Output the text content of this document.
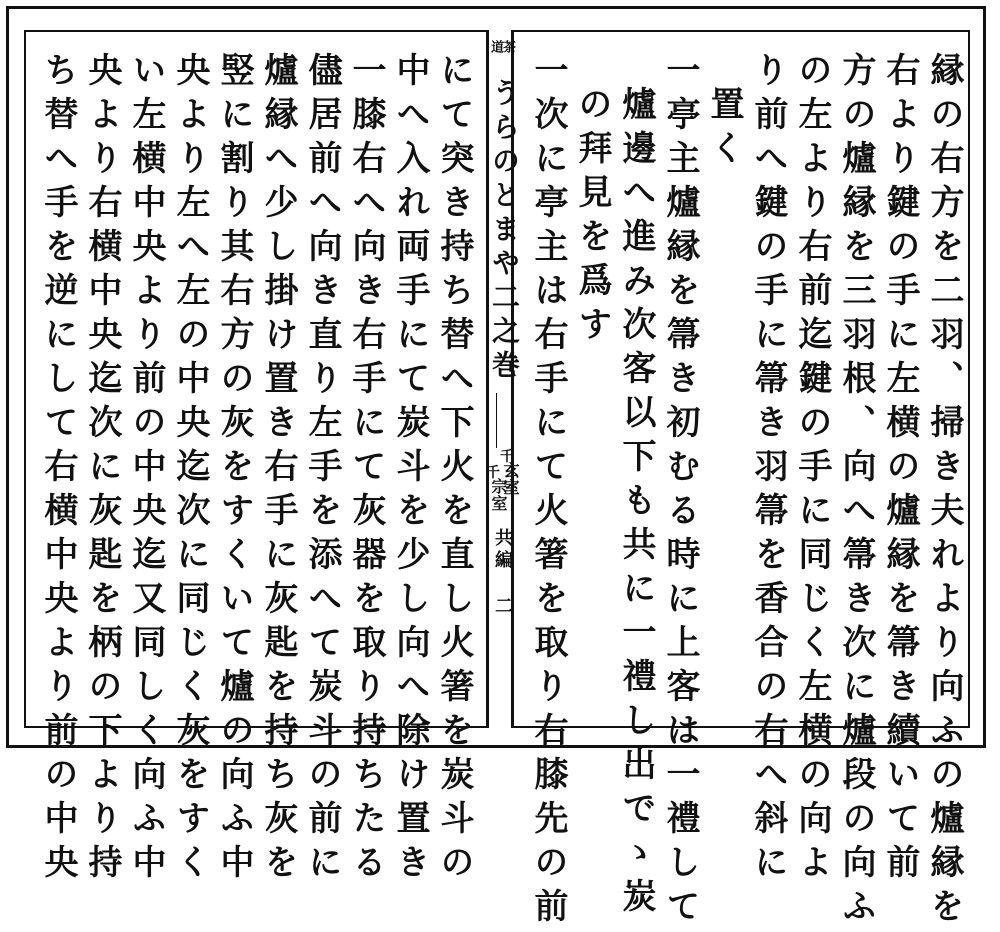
縁の右方を二羽、掃き夫れより向ふの爐縁を
右より鍵の手に左横の爐縁を箒き續いて前
方の爐縁を三羽根、向へ箒き次に爐段の向ふ
の左より右前迄鍵の手に同じく左横の向よ
り前へ鍵の手に箒き羽箒を香合の右へ斜に
置く
一亭主爐縁を箒き初むる時に上客は一禮して
爐邊へ進み次客以下も共に一禮し出でゝ炭
の拜見を爲す
一次に亭主は右手にて火箸を取り右膝先の前
茶
道
うらのとまや二之巻
千
玄室
千
宗室
共編
二
にて突き持ち替へ下火を直し火箸を炭斗の
中へ入れ両手にて炭斗を少し向へ除け置き
一膝右へ向き右手にて灰器を取り持ちたる
儘居前へ向き直り左手を添へて炭斗の前に
爐縁へ少し掛け置き右手に灰匙を持ち灰を
竪に割り其右方の灰をすくいて爐の向ふ中
央より左へ左の中央迄次に同じく灰をすく
い左横中央より前の中央迄又同しく向ふ中
央より右横中央迄次に灰匙を柄の下より持
ち替へ手を逆にして右横中央より前の中央
